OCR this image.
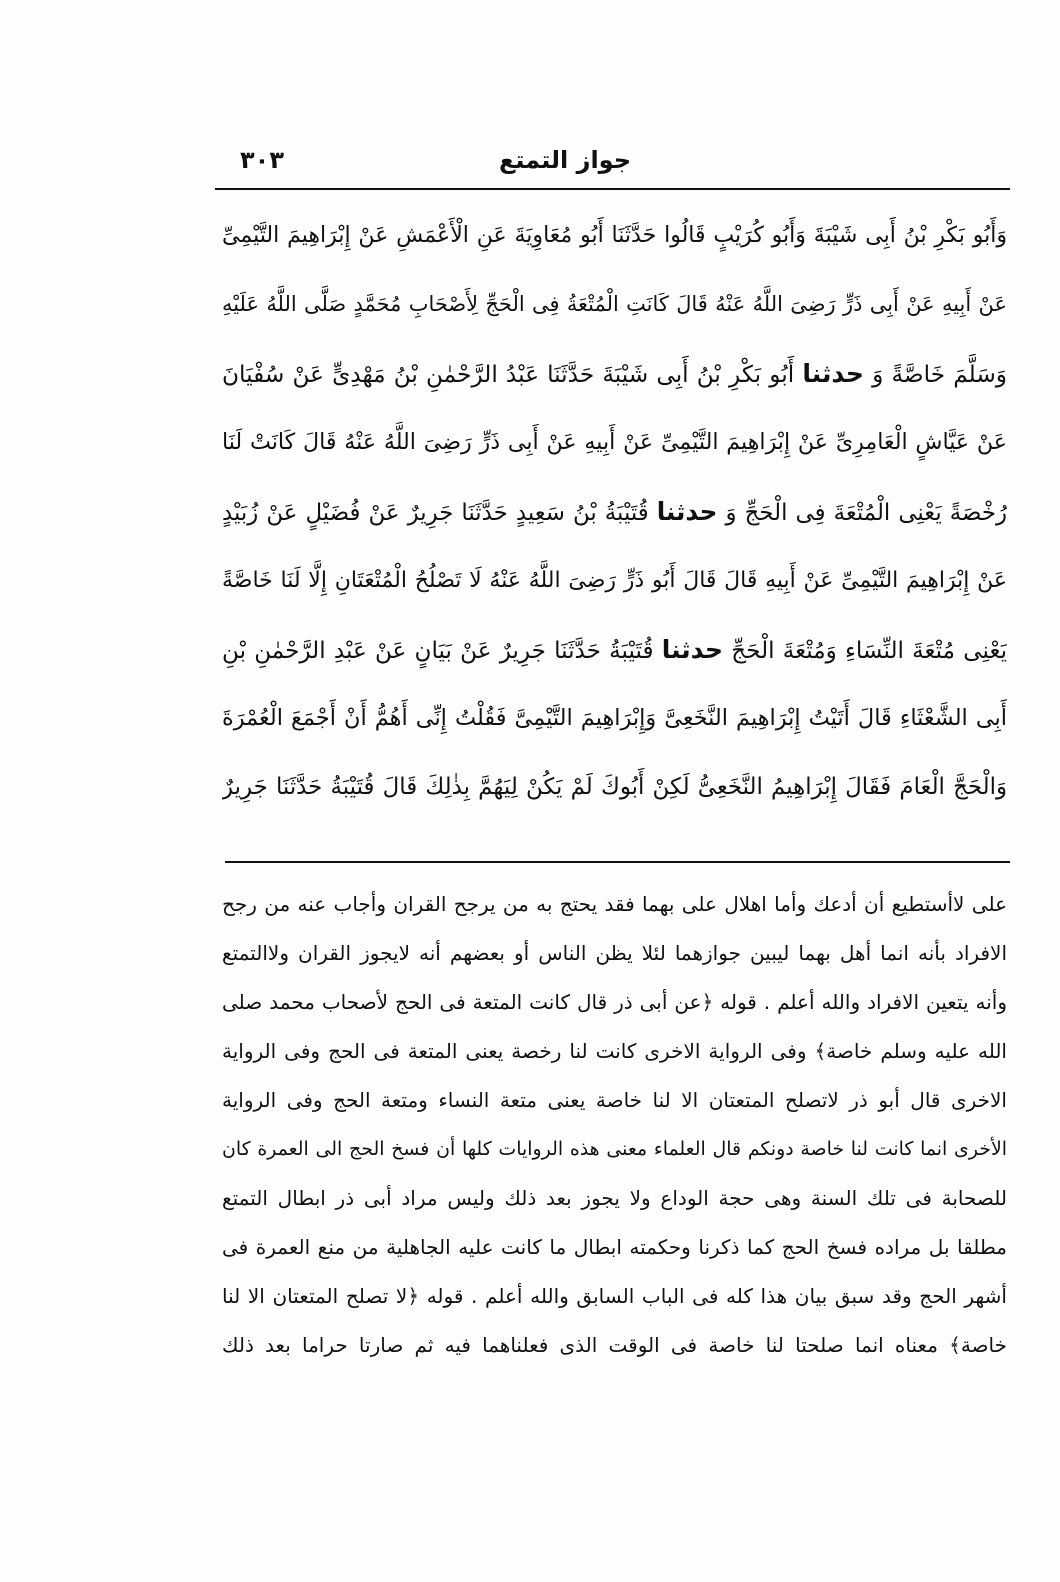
جواز التمتع
٣٠٣
وَأَبُو بَكْرِ بْنُ أَبِى شَيْبَةَ وَأَبُو كُرَيْبٍ قَالُوا حَدَّثَنَا أَبُو مُعَاوِيَةَ عَنِ الْأَعْمَشِ عَنْ إِبْرَاهِيمَ التَّيْمِىِّ
عَنْ أَبِيهِ عَنْ أَبِى ذَرٍّ رَضِىَ اللَّهُ عَنْهُ قَالَ كَانَتِ الْمُتْعَةُ فِى الْحَجِّ لِأَصْحَابِ مُحَمَّدٍ صَلَّى اللَّهُ عَلَيْهِ
وَسَلَّمَ خَاصَّةً وَ حدثنا أَبُو بَكْرِ بْنُ أَبِى شَيْبَةَ حَدَّثَنَا عَبْدُ الرَّحْمٰنِ بْنُ مَهْدِىٍّ عَنْ سُفْيَانَ
عَنْ عَيَّاشٍ الْعَامِرِىِّ عَنْ إِبْرَاهِيمَ التَّيْمِىِّ عَنْ أَبِيهِ عَنْ أَبِى ذَرٍّ رَضِىَ اللَّهُ عَنْهُ قَالَ كَانَتْ لَنَا
رُخْصَةً يَعْنِى الْمُتْعَةَ فِى الْحَجِّ وَ حدثنا قُتَيْبَةُ بْنُ سَعِيدٍ حَدَّثَنَا جَرِيرٌ عَنْ فُضَيْلٍ عَنْ زُبَيْدٍ
عَنْ إِبْرَاهِيمَ التَّيْمِىِّ عَنْ أَبِيهِ قَالَ قَالَ أَبُو ذَرٍّ رَضِىَ اللَّهُ عَنْهُ لَا تَصْلُحُ الْمُتْعَتَانِ إِلَّا لَنَا خَاصَّةً
يَعْنِى مُتْعَةَ النِّسَاءِ وَمُتْعَةَ الْحَجِّ حدثنا قُتَيْبَةُ حَدَّثَنَا جَرِيرٌ عَنْ بَيَانٍ عَنْ عَبْدِ الرَّحْمٰنِ بْنِ
أَبِى الشَّعْثَاءِ قَالَ أَتَيْتُ إِبْرَاهِيمَ النَّخَعِىَّ وَإِبْرَاهِيمَ التَّيْمِىَّ فَقُلْتُ إِنِّى أَهُمُّ أَنْ أَجْمَعَ الْعُمْرَةَ
وَالْحَجَّ الْعَامَ فَقَالَ إِبْرَاهِيمُ النَّخَعِىُّ لَكِنْ أَبُوكَ لَمْ يَكُنْ لِيَهُمَّ بِذٰلِكَ قَالَ قُتَيْبَةُ حَدَّثَنَا جَرِيرٌ
على لاأستطيع أن أدعك وأما اهلال على بهما فقد يحتج به من يرجح القران وأجاب عنه من رجح
الافراد بأنه انما أهل بهما ليبين جوازهما لئلا يظن الناس أو بعضهم أنه لايجوز القران ولاالتمتع
وأنه يتعين الافراد والله أعلم . قوله ﴿عن أبى ذر قال كانت المتعة فى الحج لأصحاب محمد صلى
الله عليه وسلم خاصة﴾ وفى الرواية الاخرى كانت لنا رخصة يعنى المتعة فى الحج وفى الرواية
الاخرى قال أبو ذر لاتصلح المتعتان الا لنا خاصة يعنى متعة النساء ومتعة الحج وفى الرواية
الأخرى انما كانت لنا خاصة دونكم قال العلماء معنى هذه الروايات كلها أن فسخ الحج الى العمرة كان
للصحابة فى تلك السنة وهى حجة الوداع ولا يجوز بعد ذلك وليس مراد أبى ذر ابطال التمتع
مطلقا بل مراده فسخ الحج كما ذكرنا وحكمته ابطال ما كانت عليه الجاهلية من منع العمرة فى
أشهر الحج وقد سبق بيان هذا كله فى الباب السابق والله أعلم . قوله ﴿لا تصلح المتعتان الا لنا
خاصة﴾ معناه انما صلحتا لنا خاصة فى الوقت الذى فعلناهما فيه ثم صارتا حراما بعد ذلك
